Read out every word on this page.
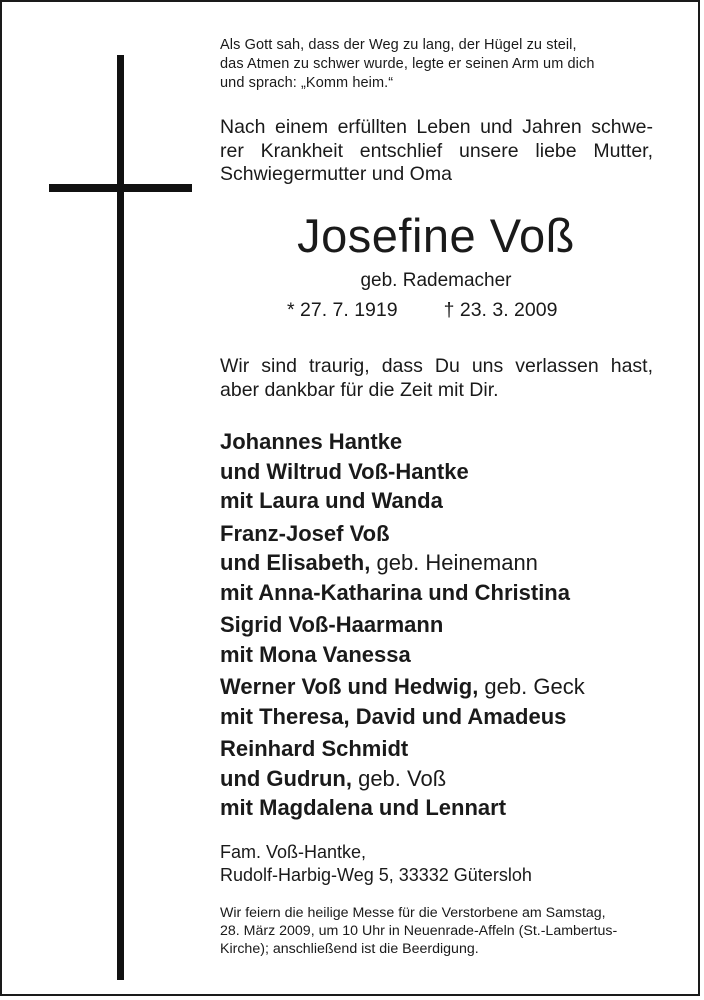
Als Gott sah, dass der Weg zu lang, der Hügel zu steil,
das Atmen zu schwer wurde, legte er seinen Arm um dich
und sprach: „Komm heim.“
Nach einem erfüllten Leben und Jahren schwe-
rer Krankheit entschlief unsere liebe Mutter,
Schwiegermutter und Oma
Josefine Voß
geb. Rademacher
* 27. 7. 1919 † 23. 3. 2009
Wir sind traurig, dass Du uns verlassen hast,
aber dankbar für die Zeit mit Dir.
Johannes Hantke
und Wiltrud Voß-Hantke
mit Laura und Wanda
Franz-Josef Voß
und Elisabeth, geb. Heinemann
mit Anna-Katharina und Christina
Sigrid Voß-Haarmann
mit Mona Vanessa
Werner Voß und Hedwig, geb. Geck
mit Theresa, David und Amadeus
Reinhard Schmidt
und Gudrun, geb. Voß
mit Magdalena und Lennart
Fam. Voß-Hantke,
Rudolf-Harbig-Weg 5, 33332 Gütersloh
Wir feiern die heilige Messe für die Verstorbene am Samstag,
28. März 2009, um 10 Uhr in Neuenrade-Affeln (St.-Lambertus-
Kirche); anschließend ist die Beerdigung.
